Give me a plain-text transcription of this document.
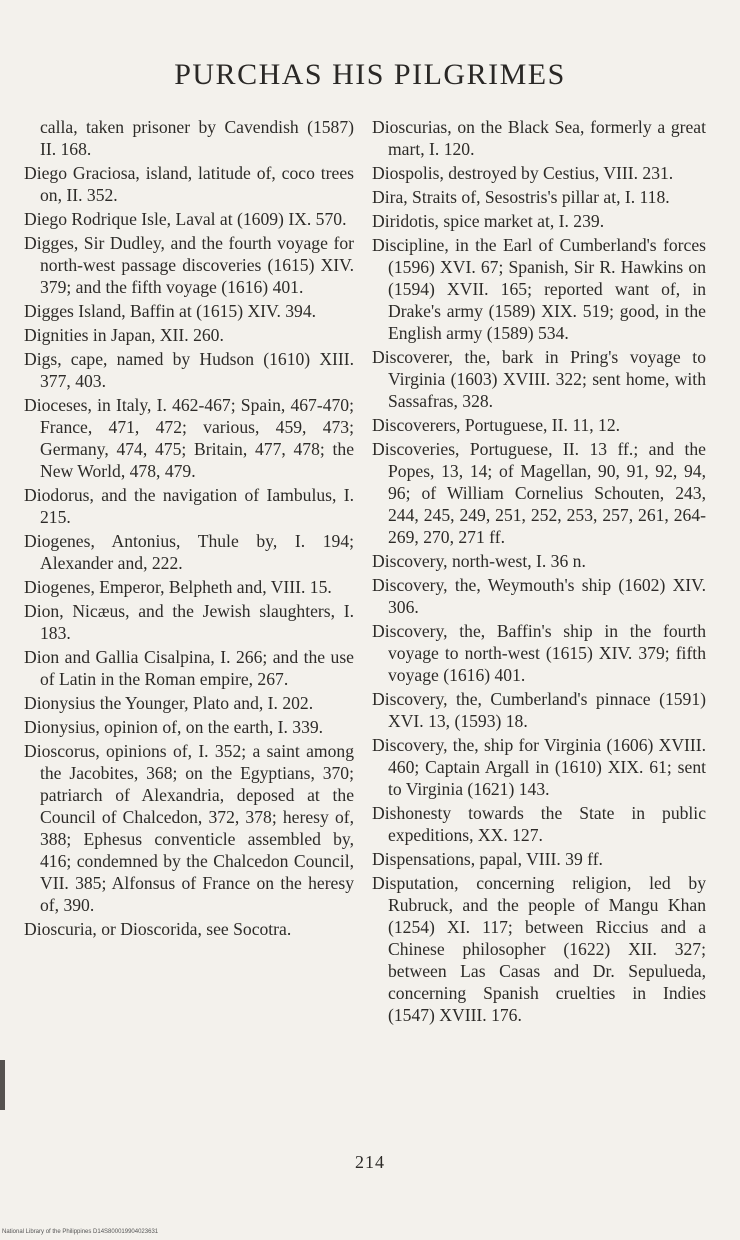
PURCHAS HIS PILGRIMES

calla, taken prisoner by Cavendish (1587) II. 168.

Diego Graciosa, island, latitude of, coco trees on, II. 352.

Diego Rodrique Isle, Laval at (1609) IX. 570.

Digges, Sir Dudley, and the fourth voyage for north-west passage discoveries (1615) XIV. 379; and the fifth voyage (1616) 401.

Digges Island, Baffin at (1615) XIV. 394.

Dignities in Japan, XII. 260.

Digs, cape, named by Hudson (1610) XIII. 377, 403.

Dioceses, in Italy, I. 462-467; Spain, 467-470; France, 471, 472; various, 459, 473; Germany, 474, 475; Britain, 477, 478; the New World, 478, 479.

Diodorus, and the navigation of Iambulus, I. 215.

Diogenes, Antonius, Thule by, I. 194; Alexander and, 222.

Diogenes, Emperor, Belpheth and, VIII. 15.

Dion, Nicæus, and the Jewish slaughters, I. 183.

Dion and Gallia Cisalpina, I. 266; and the use of Latin in the Roman empire, 267.

Dionysius the Younger, Plato and, I. 202.

Dionysius, opinion of, on the earth, I. 339.

Dioscorus, opinions of, I. 352; a saint among the Jacobites, 368; on the Egyptians, 370; patriarch of Alexandria, deposed at the Council of Chalcedon, 372, 378; heresy of, 388; Ephesus conventicle assembled by, 416; condemned by the Chalcedon Council, VII. 385; Alfonsus of France on the heresy of, 390.

Dioscuria, or Dioscorida, see Socotra.

Dioscurias, on the Black Sea, formerly a great mart, I. 120.

Diospolis, destroyed by Cestius, VIII. 231.

Dira, Straits of, Sesostris's pillar at, I. 118.

Diridotis, spice market at, I. 239.

Discipline, in the Earl of Cumberland's forces (1596) XVI. 67; Spanish, Sir R. Hawkins on (1594) XVII. 165; reported want of, in Drake's army (1589) XIX. 519; good, in the English army (1589) 534.

Discoverer, the, bark in Pring's voyage to Virginia (1603) XVIII. 322; sent home, with Sassafras, 328.

Discoverers, Portuguese, II. 11, 12.

Discoveries, Portuguese, II. 13 ff.; and the Popes, 13, 14; of Magellan, 90, 91, 92, 94, 96; of William Cornelius Schouten, 243, 244, 245, 249, 251, 252, 253, 257, 261, 264-269, 270, 271 ff.

Discovery, north-west, I. 36 n.

Discovery, the, Weymouth's ship (1602) XIV. 306.

Discovery, the, Baffin's ship in the fourth voyage to north-west (1615) XIV. 379; fifth voyage (1616) 401.

Discovery, the, Cumberland's pinnace (1591) XVI. 13, (1593) 18.

Discovery, the, ship for Virginia (1606) XVIII. 460; Captain Argall in (1610) XIX. 61; sent to Virginia (1621) 143.

Dishonesty towards the State in public expeditions, XX. 127.

Dispensations, papal, VIII. 39 ff.

Disputation, concerning religion, led by Rubruck, and the people of Mangu Khan (1254) XI. 117; between Riccius and a Chinese philosopher (1622) XII. 327; between Las Casas and Dr. Sepulueda, concerning Spanish cruelties in Indies (1547) XVIII. 176.

214
National Library of the Philippines D14S800019904023631
